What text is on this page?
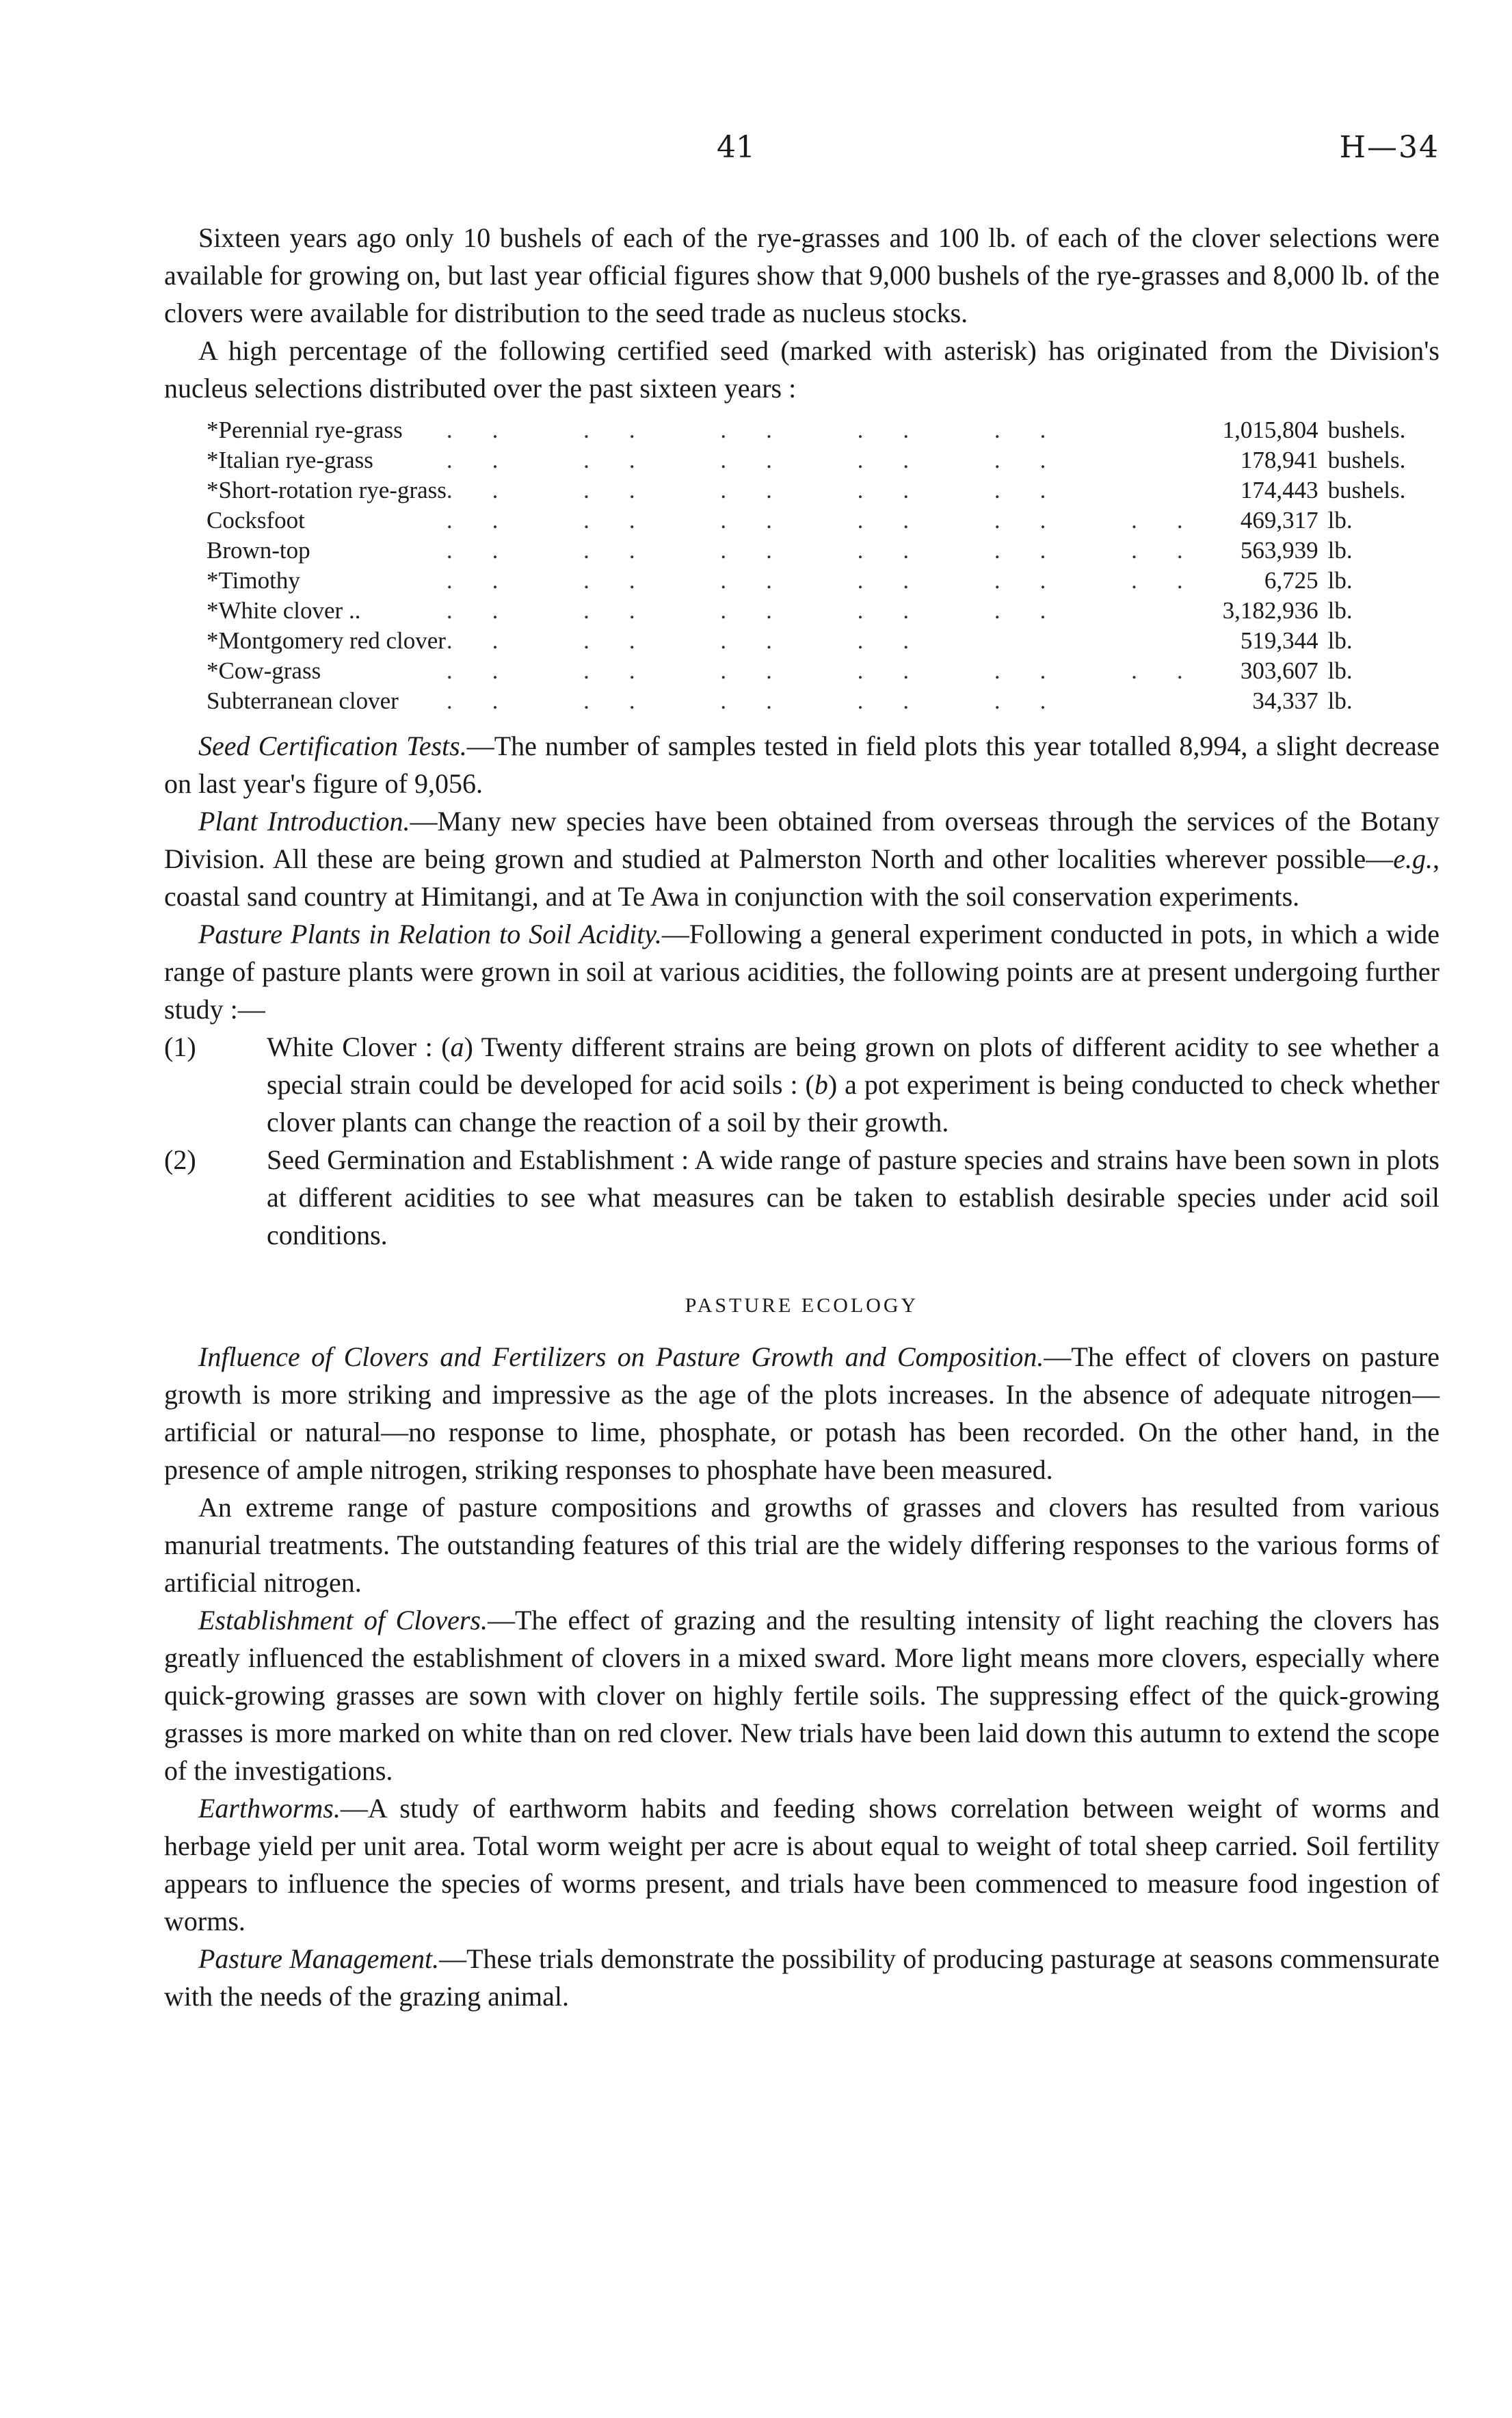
41	H—34

Sixteen years ago only 10 bushels of each of the rye-grasses and 100 lb. of each of the clover selections were available for growing on, but last year official figures show that 9,000 bushels of the rye-grasses and 8,000 lb. of the clovers were available for distribution to the seed trade as nucleus stocks.

A high percentage of the following certified seed (marked with asterisk) has originated from the Division's nucleus selections distributed over the past sixteen years :

*Perennial rye-grass	.. .. .. .. ..	1,015,804	bushels.
*Italian rye-grass	.. .. .. .. ..	178,941	bushels.
*Short-rotation rye-grass	.. .. .. .. ..	174,443	bushels.
Cocksfoot	.. .. .. .. .. ..	469,317	lb.
Brown-top	.. .. .. .. .. ..	563,939	lb.
*Timothy	.. .. .. .. .. ..	6,725	lb.
*White clover ..	.. .. .. .. ..	3,182,936	lb.
*Montgomery red clover	.. .. .. ..	519,344	lb.
*Cow-grass	.. .. .. .. .. ..	303,607	lb.
Subterranean clover	.. .. .. .. ..	34,337	lb.

Seed Certification Tests.—The number of samples tested in field plots this year totalled 8,994, a slight decrease on last year's figure of 9,056.

Plant Introduction.—Many new species have been obtained from overseas through the services of the Botany Division. All these are being grown and studied at Palmerston North and other localities wherever possible—e.g., coastal sand country at Himitangi, and at Te Awa in conjunction with the soil conservation experiments.

Pasture Plants in Relation to Soil Acidity.—Following a general experiment conducted in pots, in which a wide range of pasture plants were grown in soil at various acidities, the following points are at present undergoing further study :—

(1)	White Clover : (a) Twenty different strains are being grown on plots of different acidity to see whether a special strain could be developed for acid soils : (b) a pot experiment is being conducted to check whether clover plants can change the reaction of a soil by their growth.
(2)	Seed Germination and Establishment : A wide range of pasture species and strains have been sown in plots at different acidities to see what measures can be taken to establish desirable species under acid soil conditions.

PASTURE ECOLOGY

Influence of Clovers and Fertilizers on Pasture Growth and Composition.—The effect of clovers on pasture growth is more striking and impressive as the age of the plots increases. In the absence of adequate nitrogen—artificial or natural—no response to lime, phosphate, or potash has been recorded. On the other hand, in the presence of ample nitrogen, striking responses to phosphate have been measured.

An extreme range of pasture compositions and growths of grasses and clovers has resulted from various manurial treatments. The outstanding features of this trial are the widely differing responses to the various forms of artificial nitrogen.

Establishment of Clovers.—The effect of grazing and the resulting intensity of light reaching the clovers has greatly influenced the establishment of clovers in a mixed sward. More light means more clovers, especially where quick-growing grasses are sown with clover on highly fertile soils. The suppressing effect of the quick-growing grasses is more marked on white than on red clover. New trials have been laid down this autumn to extend the scope of the investigations.

Earthworms.—A study of earthworm habits and feeding shows correlation between weight of worms and herbage yield per unit area. Total worm weight per acre is about equal to weight of total sheep carried. Soil fertility appears to influence the species of worms present, and trials have been commenced to measure food ingestion of worms.

Pasture Management.—These trials demonstrate the possibility of producing pasturage at seasons commensurate with the needs of the grazing animal.
